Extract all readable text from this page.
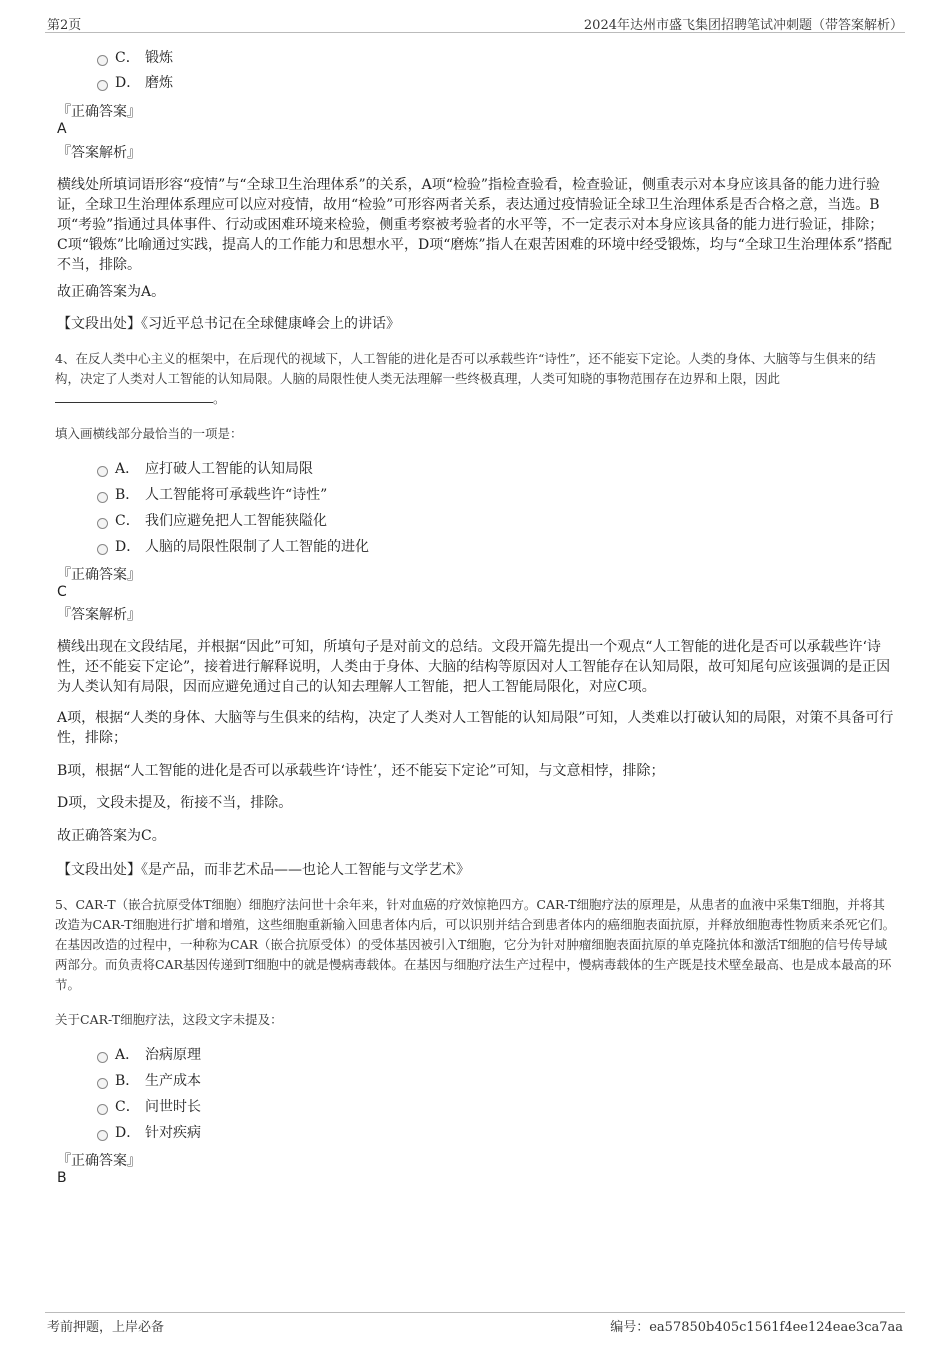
第2页	2024年达州市盛飞集团招聘笔试冲刺题（带答案解析）
C． 锻炼
D． 磨炼
『正确答案』
A
『答案解析』
横线处所填词语形容“疫情”与“全球卫生治理体系”的关系，A项“检验”指检查验看，检查验证，侧重表示对本身应该具备的能力进行验证，全球卫生治理体系理应可以应对疫情，故用“检验”可形容两者关系，表达通过疫情验证全球卫生治理体系是否合格之意，当选。B项“考验”指通过具体事件、行动或困难环境来检验，侧重考察被考验者的水平等，不一定表示对本身应该具备的能力进行验证，排除；C项“锻炼”比喻通过实践，提高人的工作能力和思想水平，D项“磨炼”指人在艰苦困难的环境中经受锻炼，均与“全球卫生治理体系”搭配不当，排除。
故正确答案为A。
【文段出处】《习近平总书记在全球健康峰会上的讲话》
4、在反人类中心主义的框架中，在后现代的视域下，人工智能的进化是否可以承载些许“诗性”，还不能妄下定论。人类的身体、大脑等与生俱来的结构，决定了人类对人工智能的认知局限。人脑的局限性使人类无法理解一些终极真理，人类可知晓的事物范围存在边界和上限，因此
。
填入画横线部分最恰当的一项是：
A． 应打破人工智能的认知局限
B． 人工智能将可承载些许“诗性”
C． 我们应避免把人工智能狭隘化
D． 人脑的局限性限制了人工智能的进化
『正确答案』
C
『答案解析』
横线出现在文段结尾，并根据“因此”可知，所填句子是对前文的总结。文段开篇先提出一个观点“人工智能的进化是否可以承载些许‘诗性，还不能妄下定论”，接着进行解释说明，人类由于身体、大脑的结构等原因对人工智能存在认知局限，故可知尾句应该强调的是正因为人类认知有局限，因而应避免通过自己的认知去理解人工智能，把人工智能局限化，对应C项。
A项，根据“人类的身体、大脑等与生俱来的结构，决定了人类对人工智能的认知局限”可知，人类难以打破认知的局限，对策不具备可行性，排除；
B项，根据“人工智能的进化是否可以承载些许‘诗性’，还不能妄下定论”可知，与文意相悖，排除；
D项，文段未提及，衔接不当，排除。
故正确答案为C。
【文段出处】《是产品，而非艺术品——也论人工智能与文学艺术》
5、CAR-T（嵌合抗原受体T细胞）细胞疗法问世十余年来，针对血癌的疗效惊艳四方。CAR-T细胞疗法的原理是，从患者的血液中采集T细胞，并将其改造为CAR-T细胞进行扩增和增殖，这些细胞重新输入回患者体内后，可以识别并结合到患者体内的癌细胞表面抗原，并释放细胞毒性物质来杀死它们。在基因改造的过程中，一种称为CAR（嵌合抗原受体）的受体基因被引入T细胞，它分为针对肿瘤细胞表面抗原的单克隆抗体和激活T细胞的信号传导域两部分。而负责将CAR基因传递到T细胞中的就是慢病毒载体。在基因与细胞疗法生产过程中，慢病毒载体的生产既是技术壁垒最高、也是成本最高的环节。
关于CAR-T细胞疗法，这段文字未提及：
A． 治病原理
B． 生产成本
C． 问世时长
D． 针对疾病
『正确答案』
B
考前押题，上岸必备	编号：ea57850b405c1561f4ee124eae3ca7aa
